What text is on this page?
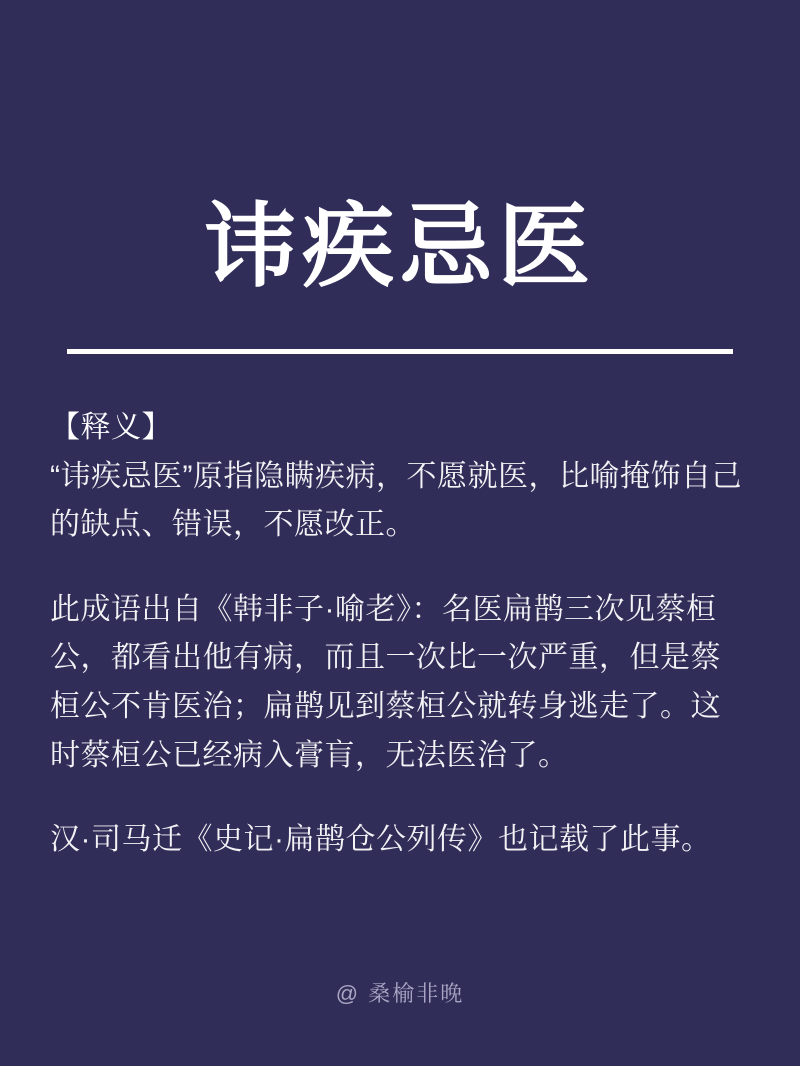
讳疾忌医
【释义】

“讳疾忌医”原指隐瞒疾病，不愿就医，比喻掩饰自己的缺点、错误，不愿改正。

此成语出自《韩非子·喻老》：名医扁鹊三次见蔡桓公，都看出他有病，而且一次比一次严重，但是蔡桓公不肯医治；扁鹊见到蔡桓公就转身逃走了。这时蔡桓公已经病入膏肓，无法医治了。

汉·司马迁《史记·扁鹊仓公列传》也记载了此事。

@ 桑榆非晚
